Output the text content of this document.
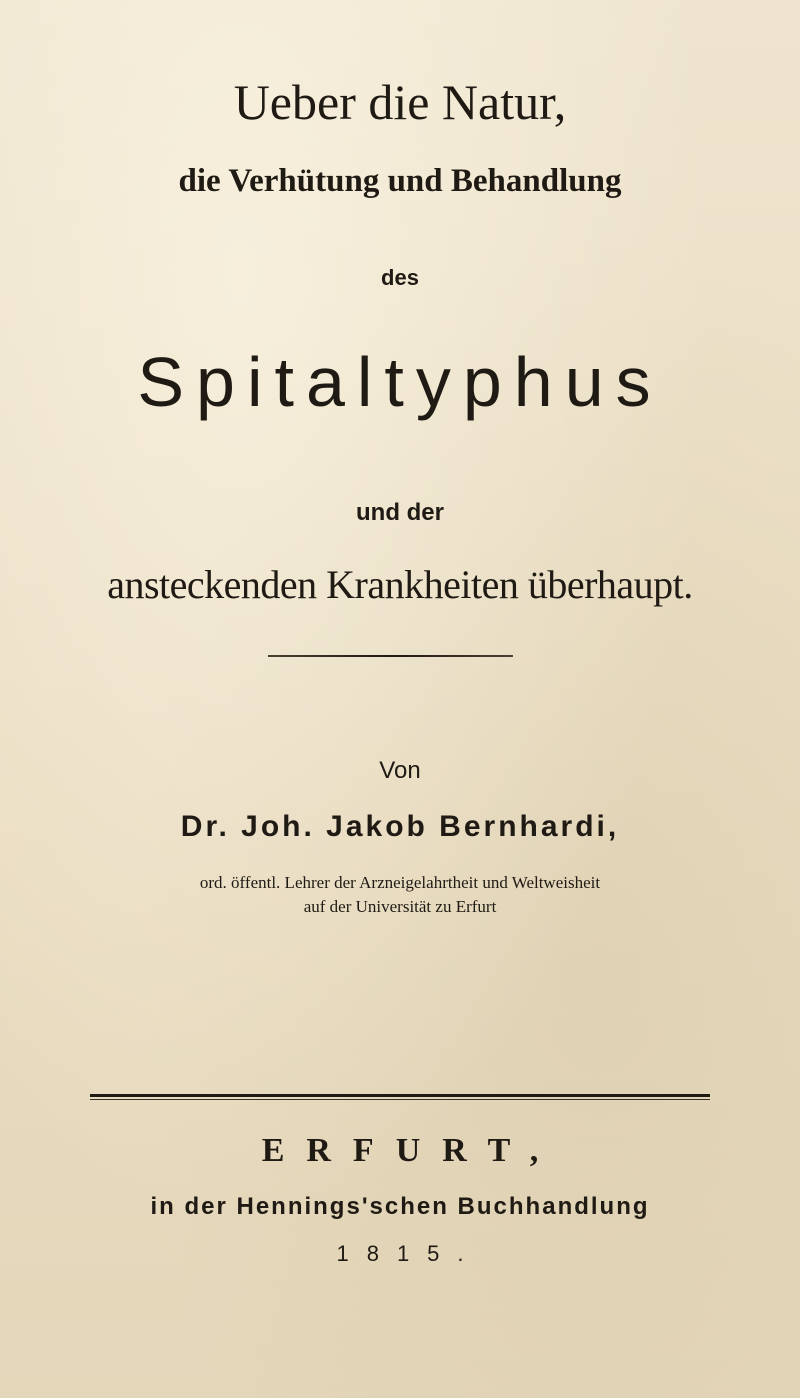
Ueber die Natur,
die Verhütung und Behandlung
des
Spitaltyphus
und der
ansteckenden Krankheiten überhaupt.
Von
Dr. Joh. Jakob Bernhardi,
ord. öffentl. Lehrer der Arzneigelahrtheit und Weltweisheit
auf der Universität zu Erfurt
ERFURT,
in der Hennings'schen Buchhandlung
1815.
